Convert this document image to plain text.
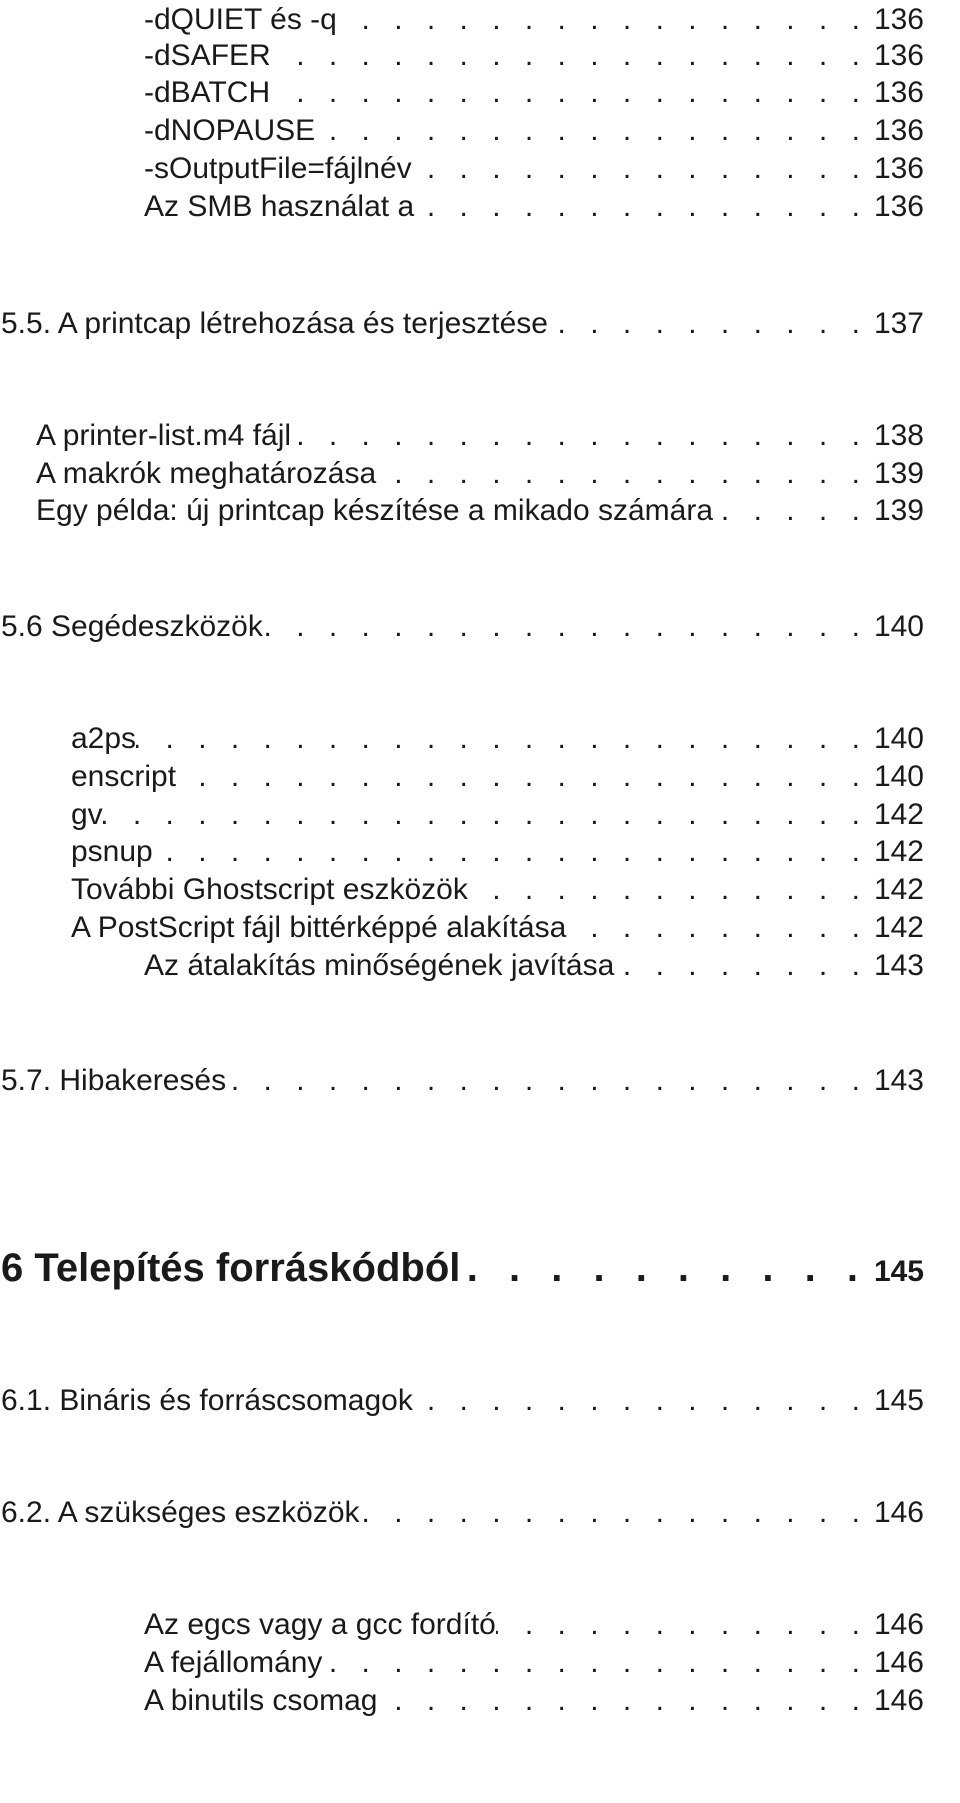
-dQUIET és -q . . .	136
-dSAFER . . .	136
-dBATCH . . .	136
-dNOPAUSE . . .	136
-sOutputFile=fájlnév . . .	136
Az SMB használat a . . .	136
5.5. A printcap létrehozása és terjesztése . . .	137
A printer-list.m4 fájl . . .	138
A makrók meghatározása . . .	139
Egy példa: új printcap készítése a mikado számára . . .	139
5.6 Segédeszközök . . .	140
a2ps . . .	140
enscript . . .	140
gv . . .	142
psnup . . .	142
További Ghostscript eszközök . . .	142
A PostScript fájl bittérképpé alakítása . . .	142
Az átalakítás minőségének javítása . . .	143
5.7. Hibakeresés . . .	143
6 Telepítés forráskódból . . .	145
6.1. Bináris és forráscsomagok . . .	145
6.2. A szükséges eszközök . . .	146
Az egcs vagy a gcc fordító . . .	146
A fejállomány . . .	146
A binutils csomag . . .	146
